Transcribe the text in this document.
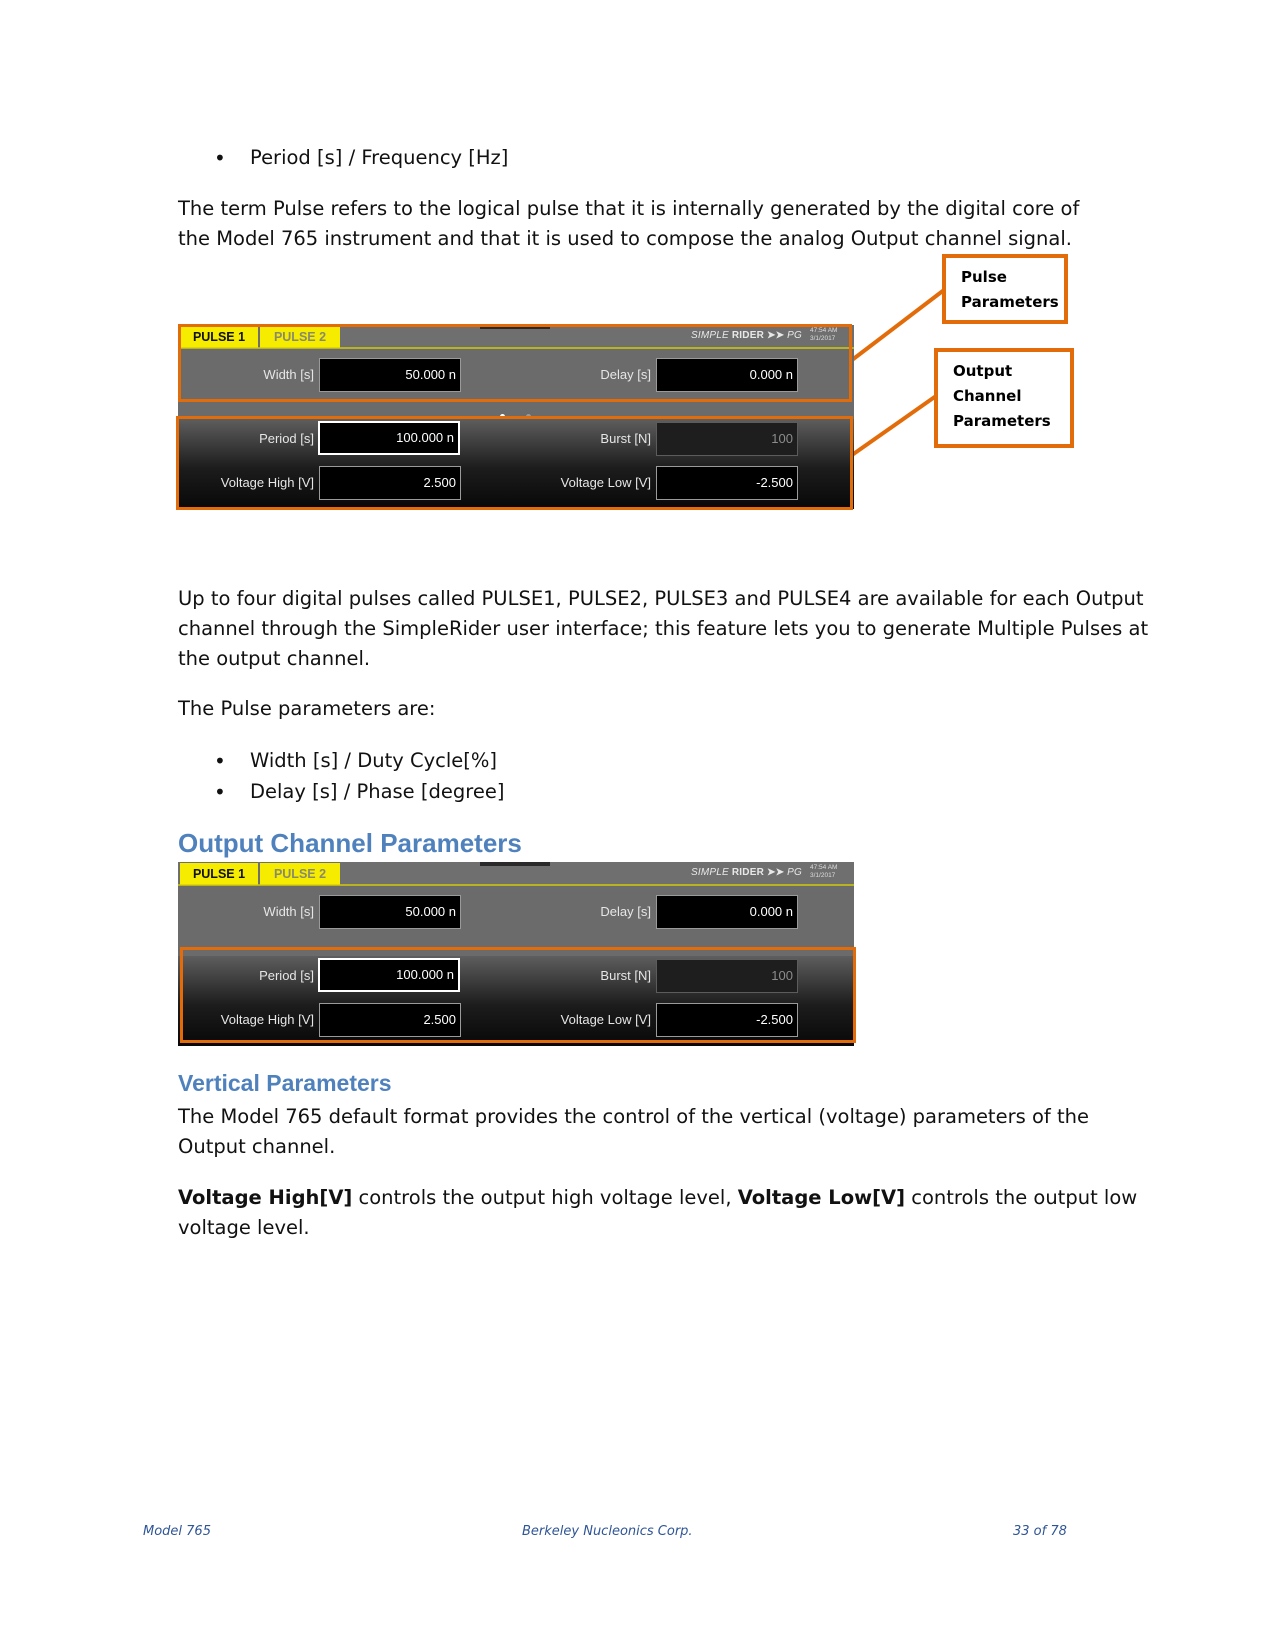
• Period [s] / Frequency [Hz]
The term Pulse refers to the logical pulse that it is internally generated by the digital core of
the Model 765 instrument and that it is used to compose the analog Output channel signal.
Pulse
Parameters
Output
Channel
Parameters
PULSE 1	PULSE 2	SIMPLE RIDER ➤➤ PG 47:54 AM
3/1/2017
Width [s]	50.000 n	Delay [s]	0.000 n
Period [s]	100.000 n	Burst [N]	100
Voltage High [V]	2.500	Voltage Low [V]	-2.500
Up to four digital pulses called PULSE1, PULSE2, PULSE3 and PULSE4 are available for each Output
channel through the SimpleRider user interface; this feature lets you to generate Multiple Pulses at
the output channel.
The Pulse parameters are:
• Width [s] / Duty Cycle[%]
• Delay [s] / Phase [degree]
Output Channel Parameters
PULSE 1	PULSE 2	SIMPLE RIDER ➤➤ PG 47:54 AM
3/1/2017
Width [s]	50.000 n	Delay [s]	0.000 n
Period [s]	100.000 n	Burst [N]	100
Voltage High [V]	2.500	Voltage Low [V]	-2.500
Vertical Parameters
The Model 765 default format provides the control of the vertical (voltage) parameters of the
Output channel.
Voltage High[V] controls the output high voltage level, Voltage Low[V] controls the output low
voltage level.
Model 765	Berkeley Nucleonics Corp.	33 of 78
